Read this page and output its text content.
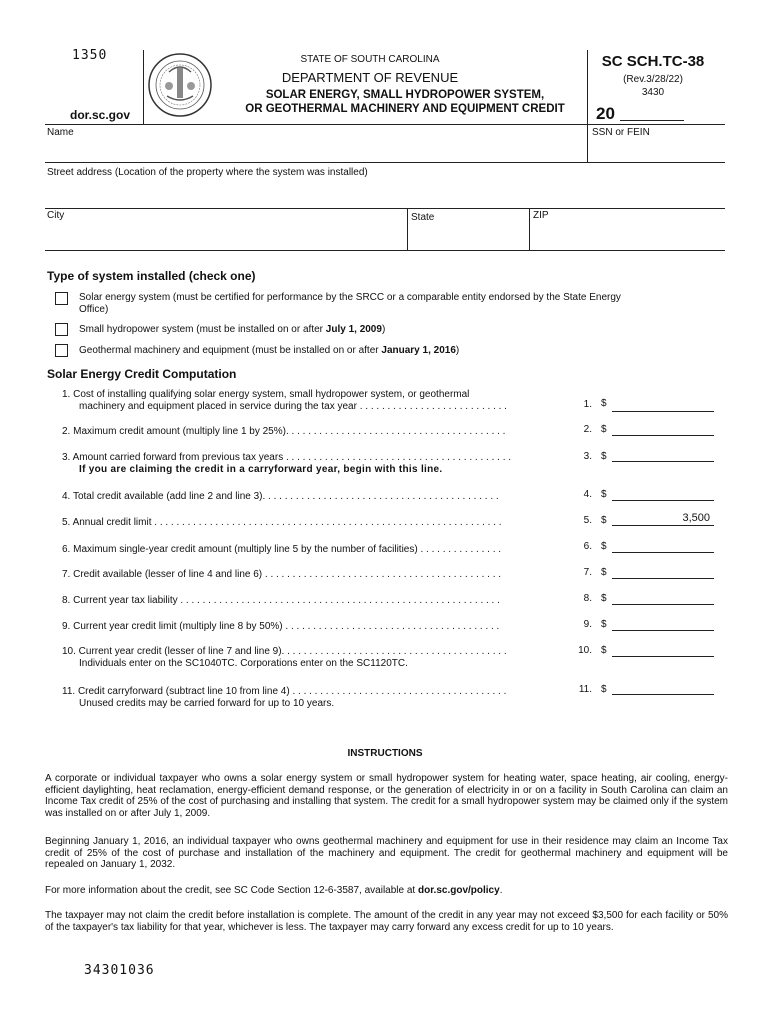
1350
dor.sc.gov
STATE OF SOUTH CAROLINA
DEPARTMENT OF REVENUE
SOLAR ENERGY, SMALL HYDROPOWER SYSTEM,
OR GEOTHERMAL MACHINERY AND EQUIPMENT CREDIT
SC SCH.TC-38
(Rev.3/28/22)
3430
20
Name	SSN or FEIN
Street address (Location of the property where the system was installed)
City	State	ZIP
Type of system installed (check one)
Solar energy system (must be certified for performance by the SRCC or a comparable entity endorsed by the State Energy
Office)
Small hydropower system (must be installed on or after July 1, 2009)
Geothermal machinery and equipment (must be installed on or after January 1, 2016)
Solar Energy Credit Computation
1. Cost of installing qualifying solar energy system, small hydropower system, or geothermal
machinery and equipment placed in service during the tax year . . . . . . . . . . . . . . . . . . . . . . . . . . .	1. $
2. Maximum credit amount (multiply line 1 by 25%). . . . . . . . . . . . . . . . . . . . . . . . . . . . . . . . . . . . . . . .	2. $
3. Amount carried forward from previous tax years . . . . . . . . . . . . . . . . . . . . . . . . . . . . . . . . . . . . . . . . .
If you are claiming the credit in a carryforward year, begin with this line.
3. $
4. Total credit available (add line 2 and line 3). . . . . . . . . . . . . . . . . . . . . . . . . . . . . . . . . . . . . . . . . . .	4. $
5. Annual credit limit . . . . . . . . . . . . . . . . . . . . . . . . . . . . . . . . . . . . . . . . . . . . . . . . . . . . . . . . . . . . . . .	5. $	3,500
6. Maximum single-year credit amount (multiply line 5 by the number of facilities) . . . . . . . . . . . . . . .	6. $
7. Credit available (lesser of line 4 and line 6) . . . . . . . . . . . . . . . . . . . . . . . . . . . . . . . . . . . . . . . . . . .	7. $
8. Current year tax liability . . . . . . . . . . . . . . . . . . . . . . . . . . . . . . . . . . . . . . . . . . . . . . . . . . . . . . . . . .	8. $
9. Current year credit limit (multiply line 8 by 50%) . . . . . . . . . . . . . . . . . . . . . . . . . . . . . . . . . . . . . . .	9. $
10. Current year credit (lesser of line 7 and line 9). . . . . . . . . . . . . . . . . . . . . . . . . . . . . . . . . . . . . . . . .
Individuals enter on the SC1040TC. Corporations enter on the SC1120TC.
10. $
11. Credit carryforward (subtract line 10 from line 4) . . . . . . . . . . . . . . . . . . . . . . . . . . . . . . . . . . . . . . .
Unused credits may be carried forward for up to 10 years.
11. $
INSTRUCTIONS
A corporate or individual taxpayer who owns a solar energy system or small hydropower system for heating water, space heating, air cooling, energy-efficient daylighting, heat reclamation, energy-efficient demand response, or the generation of electricity in or on a facility in South Carolina can claim an Income Tax credit of 25% of the cost of purchasing and installing that system. The credit for a small hydropower system may be claimed only if the system was installed on or after July 1, 2009.
Beginning January 1, 2016, an individual taxpayer who owns geothermal machinery and equipment for use in their residence may claim an Income Tax credit of 25% of the cost of purchase and installation of the machinery and equipment. The credit for geothermal machinery and equipment will be repealed on January 1, 2032.
For more information about the credit, see SC Code Section 12-6-3587, available at dor.sc.gov/policy.
The taxpayer may not claim the credit before installation is complete. The amount of the credit in any year may not exceed $3,500 for each facility or 50% of the taxpayer's tax liability for that year, whichever is less. The taxpayer may carry forward any excess credit for up to 10 years.
34301036
